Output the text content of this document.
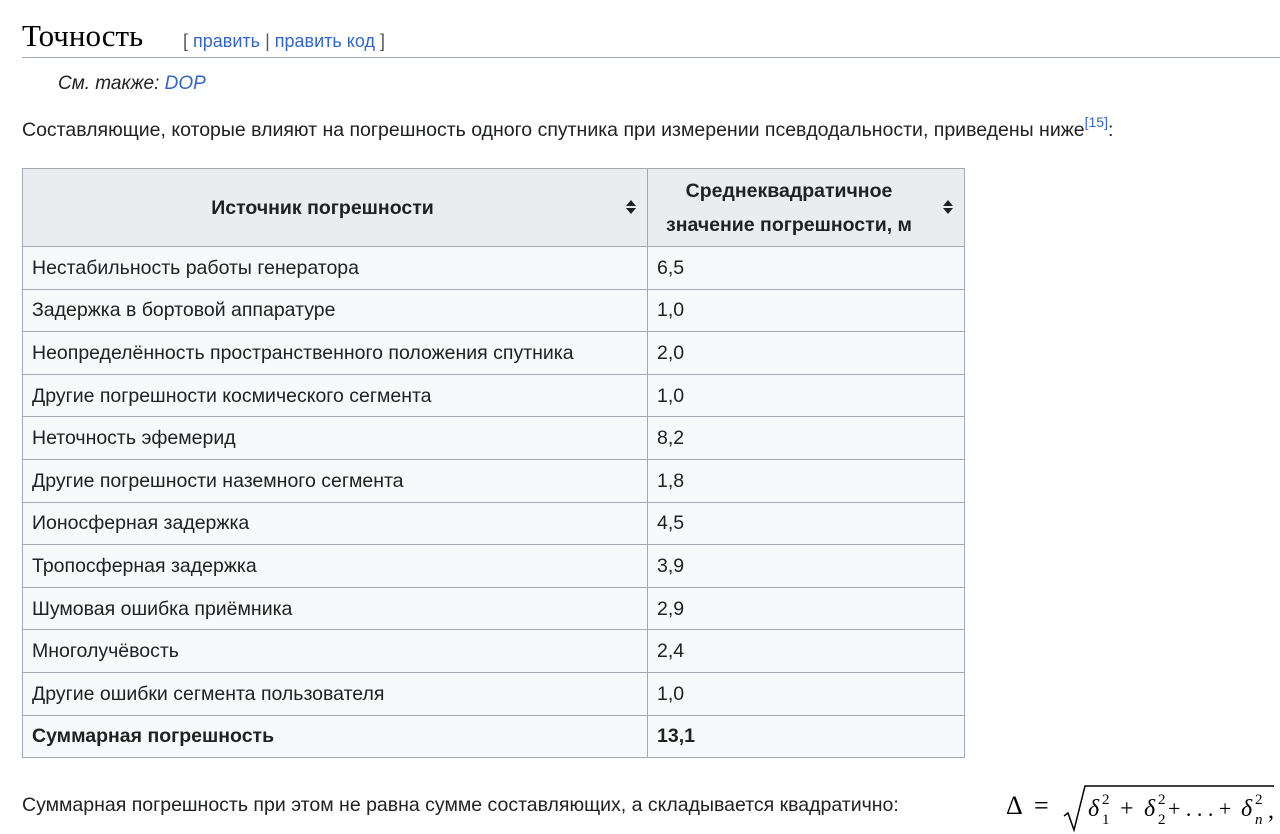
Точность [ править | править код ]
См. также: DOP
Составляющие, которые влияют на погрешность одного спутника при измерении псевдодальности, приведены ниже[15]:
Источник погрешности	Среднеквадратичное значение погрешности, м

Нестабильность работы генератора	6,5
Задержка в бортовой аппаратуре	1,0
Неопределённость пространственного положения спутника	2,0
Другие погрешности космического сегмента	1,0
Неточность эфемерид	8,2
Другие погрешности наземного сегмента	1,8
Ионосферная задержка	4,5
Тропосферная задержка	3,9
Шумовая ошибка приёмника	2,9
Многолучёвость	2,4
Другие ошибки сегмента пользователя	1,0
Суммарная погрешность	13,1
Суммарная погрешность при этом не равна сумме составляющих, а складывается квадратично:	Δ = δ 2
1 + δ 2
2 + . . . + δ 2
n ,
